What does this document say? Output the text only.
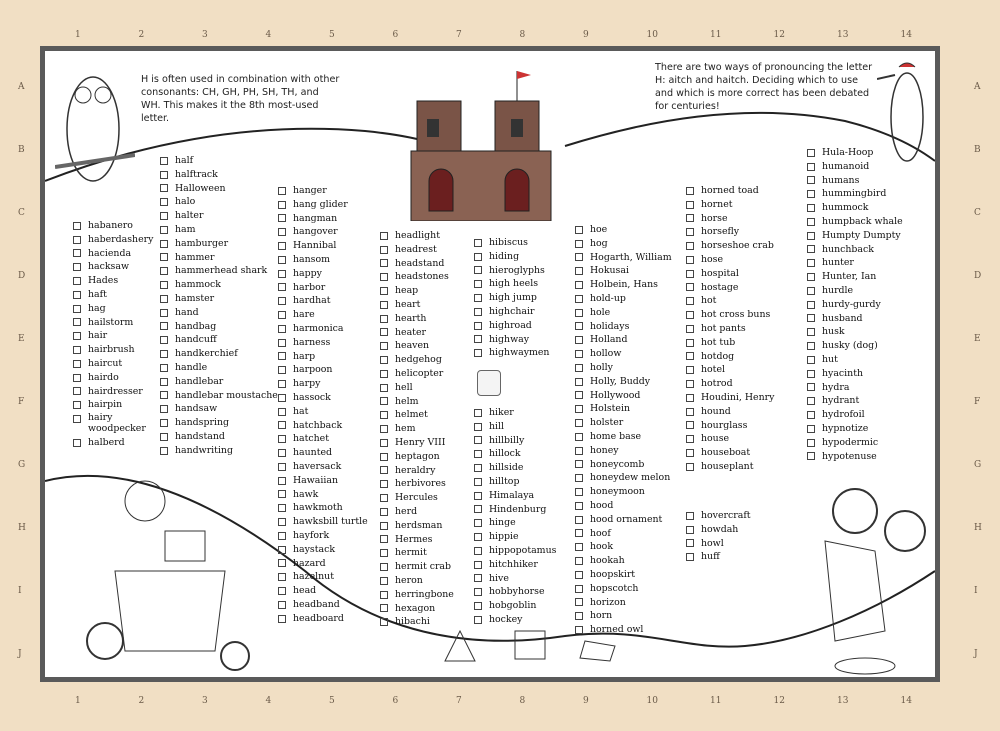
1	2	3	4	5	6	7	8	9	10	11	12	13	14
1	2	3	4	5	6	7	8	9	10	11	12	13	14
A
B
C
D
E
F
G
H
I
J
A
B
C
D
E
F
G
H
I
J
H is often used in combination with other consonants: CH, GH, PH, SH, TH, and WH. This makes it the 8th most-used letter.
There are two ways of pronouncing the letter H: aitch and haitch. Deciding which to use and which is more correct has been debated for centuries!
habanero
haberdashery
hacienda
hacksaw
Hades
haft
hag
hailstorm
hair
hairbrush
haircut
hairdo
hairdresser
hairpin
hairy woodpecker
halberd
half
halftrack
Halloween
halo
halter
ham
hamburger
hammer
hammerhead shark
hammock
hamster
hand
handbag
handcuff
handkerchief
handle
handlebar
handlebar moustache
handsaw
handspring
handstand
handwriting
hanger
hang glider
hangman
hangover
Hannibal
hansom
happy
harbor
hardhat
hare
harmonica
harness
harp
harpoon
harpy
hassock
hat
hatchback
hatchet
haunted
haversack
Hawaiian
hawk
hawkmoth
hawksbill turtle
hayfork
haystack
hazard
hazelnut
head
headband
headboard
headlight
headrest
headstand
headstones
heap
heart
hearth
heater
heaven
hedgehog
helicopter
hell
helm
helmet
hem
Henry VIII
heptagon
heraldry
herbivores
Hercules
herd
herdsman
Hermes
hermit
hermit crab
heron
herringbone
hexagon
hibachi
hibiscus
hiding
hieroglyphs
high heels
high jump
highchair
highroad
highway
highwaymen
hiker
hill
hillbilly
hillock
hillside
hilltop
Himalaya
Hindenburg
hinge
hippie
hippopotamus
hitchhiker
hive
hobbyhorse
hobgoblin
hockey
hoe
hog
Hogarth, William
Hokusai
Holbein, Hans
hold-up
hole
holidays
Holland
hollow
holly
Holly, Buddy
Hollywood
Holstein
holster
home base
honey
honeycomb
honeydew melon
honeymoon
hood
hood ornament
hoof
hook
hookah
hoopskirt
hopscotch
horizon
horn
horned owl
horned toad
hornet
horse
horsefly
horseshoe crab
hose
hospital
hostage
hot
hot cross buns
hot pants
hot tub
hotdog
hotel
hotrod
Houdini, Henry
hound
hourglass
house
houseboat
houseplant
hovercraft
howdah
howl
huff
Hula-Hoop
humanoid
humans
hummingbird
hummock
humpback whale
Humpty Dumpty
hunchback
hunter
Hunter, Ian
hurdle
hurdy-gurdy
husband
husk
husky (dog)
hut
hyacinth
hydra
hydrant
hydrofoil
hypnotize
hypodermic
hypotenuse
